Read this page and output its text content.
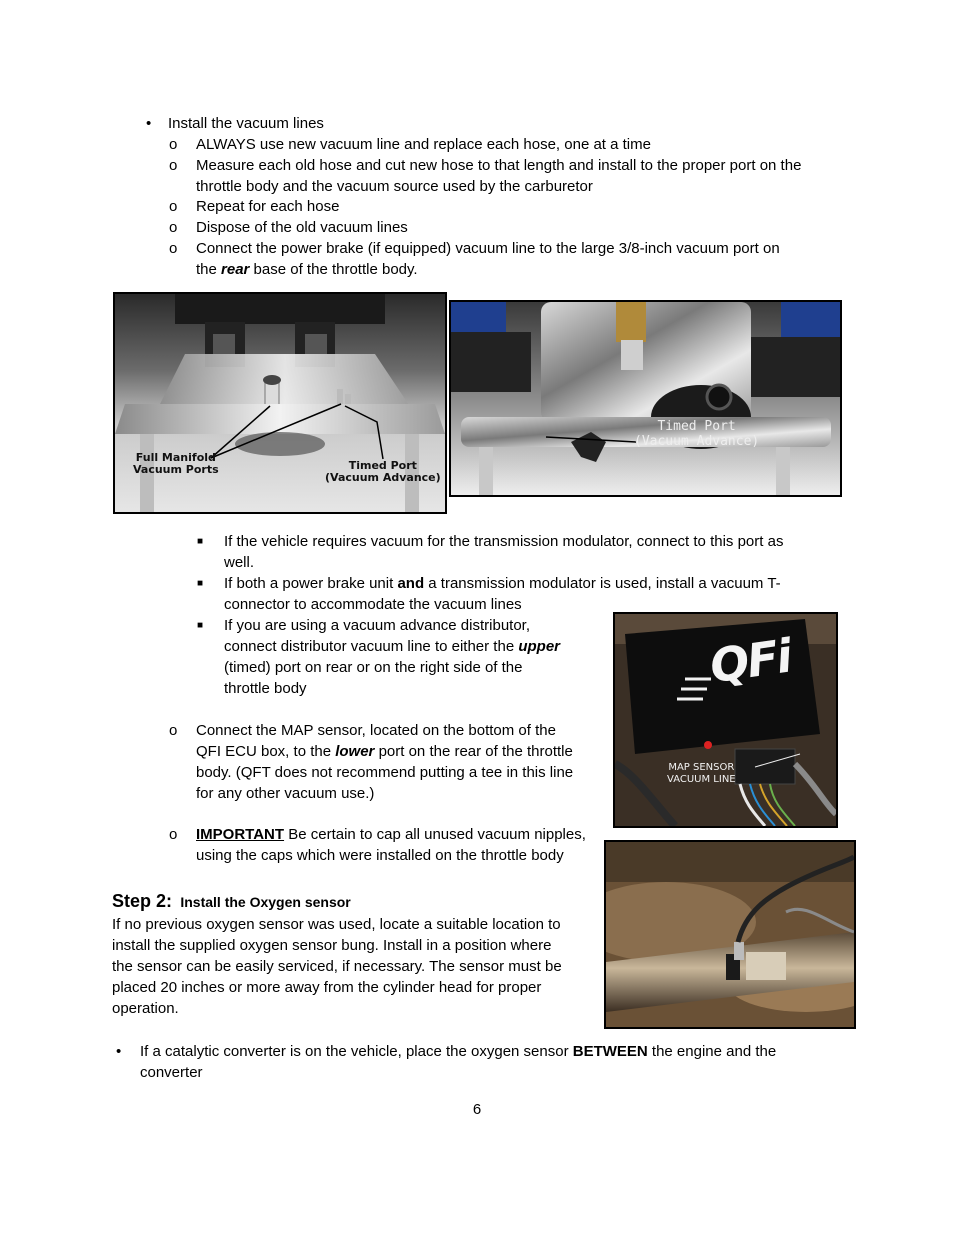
• Install the vacuum lines
o ALWAYS use new vacuum line and replace each hose, one at a time
o Measure each old hose and cut new hose to that length and install to the proper port on the
throttle body and the vacuum source used by the carburetor
o Repeat for each hose
o Dispose of the old vacuum lines
o Connect the power brake (if equipped) vacuum line to the large 3/8-inch vacuum port on
the rear base of the throttle body.
Full Manifold
Vacuum Ports	Timed Port
(Vacuum Advance)
Timed Port
(Vacuum Advance)
■ If the vehicle requires vacuum for the transmission modulator, connect to this port as
well.
■ If both a power brake unit and a transmission modulator is used, install a vacuum T-
connector to accommodate the vacuum lines
■ If you are using a vacuum advance distributor,
connect distributor vacuum line to either the upper
(timed) port on rear or on the right side of the
throttle body	QFi
MAP SENSOR
VACUUM LINE
o Connect the MAP sensor, located on the bottom of the
QFI ECU box, to the lower port on the rear of the throttle
body. (QFT does not recommend putting a tee in this line
for any other vacuum use.)
o IMPORTANT Be certain to cap all unused vacuum nipples,
using the caps which were installed on the throttle body
Step 2: Install the Oxygen sensor
If no previous oxygen sensor was used, locate a suitable location to
install the supplied oxygen sensor bung. Install in a position where
the sensor can be easily serviced, if necessary. The sensor must be
placed 20 inches or more away from the cylinder head for proper
operation.
• If a catalytic converter is on the vehicle, place the oxygen sensor BETWEEN the engine and the
converter
6
